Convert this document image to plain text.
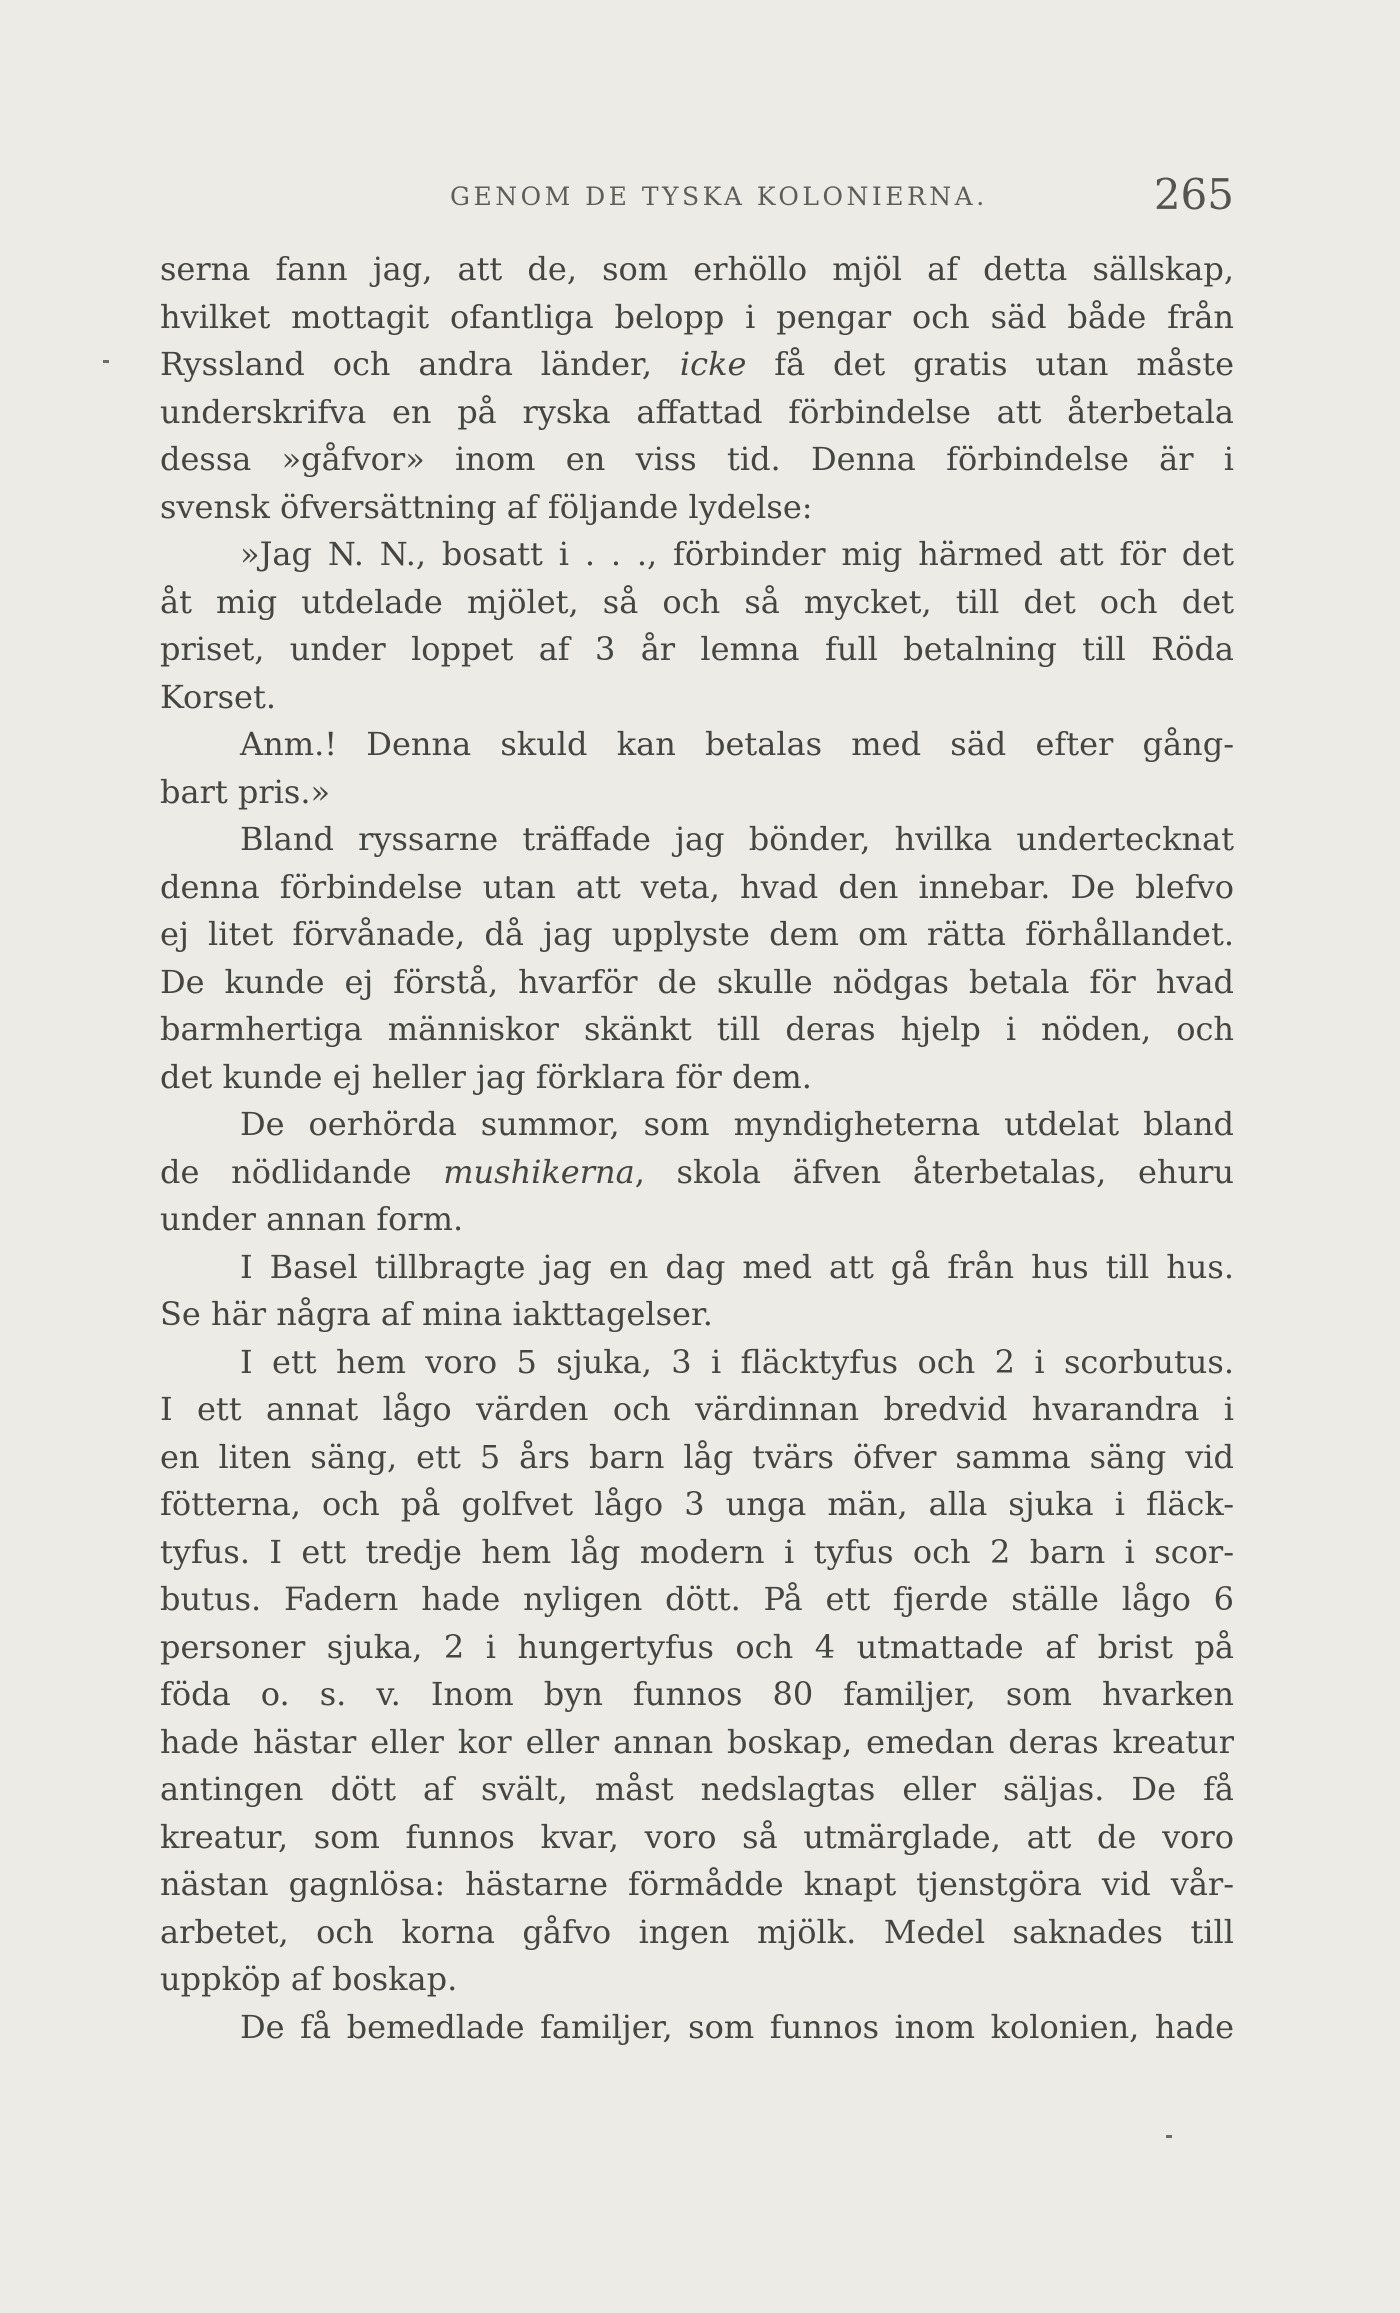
GENOM DE TYSKA KOLONIERNA.	265
serna fann jag, att de, som erhöllo mjöl af detta sällskap,
hvilket mottagit ofantliga belopp i pengar och säd både från
Ryssland och andra länder, icke få det gratis utan måste
underskrifva en på ryska affattad förbindelse att återbetala
dessa »gåfvor» inom en viss tid. Denna förbindelse är i
svensk öfversättning af följande lydelse:
»Jag N. N., bosatt i . . ., förbinder mig härmed att för det
åt mig utdelade mjölet, så och så mycket, till det och det
priset, under loppet af 3 år lemna full betalning till Röda
Korset.
Anm.! Denna skuld kan betalas med säd efter gång-
bart pris.»
Bland ryssarne träffade jag bönder, hvilka undertecknat
denna förbindelse utan att veta, hvad den innebar. De blefvo
ej litet förvånade, då jag upplyste dem om rätta förhållandet.
De kunde ej förstå, hvarför de skulle nödgas betala för hvad
barmhertiga människor skänkt till deras hjelp i nöden, och
det kunde ej heller jag förklara för dem.
De oerhörda summor, som myndigheterna utdelat bland
de nödlidande mushikerna, skola äfven återbetalas, ehuru
under annan form.
I Basel tillbragte jag en dag med att gå från hus till hus.
Se här några af mina iakttagelser.
I ett hem voro 5 sjuka, 3 i fläcktyfus och 2 i scorbutus.
I ett annat lågo värden och värdinnan bredvid hvarandra i
en liten säng, ett 5 års barn låg tvärs öfver samma säng vid
fötterna, och på golfvet lågo 3 unga män, alla sjuka i fläck-
tyfus. I ett tredje hem låg modern i tyfus och 2 barn i scor-
butus. Fadern hade nyligen dött. På ett fjerde ställe lågo 6
personer sjuka, 2 i hungertyfus och 4 utmattade af brist på
föda o. s. v. Inom byn funnos 80 familjer, som hvarken
hade hästar eller kor eller annan boskap, emedan deras kreatur
antingen dött af svält, måst nedslagtas eller säljas. De få
kreatur, som funnos kvar, voro så utmärglade, att de voro
nästan gagnlösa: hästarne förmådde knapt tjenstgöra vid vår-
arbetet, och korna gåfvo ingen mjölk. Medel saknades till
uppköp af boskap.
De få bemedlade familjer, som funnos inom kolonien, hade
